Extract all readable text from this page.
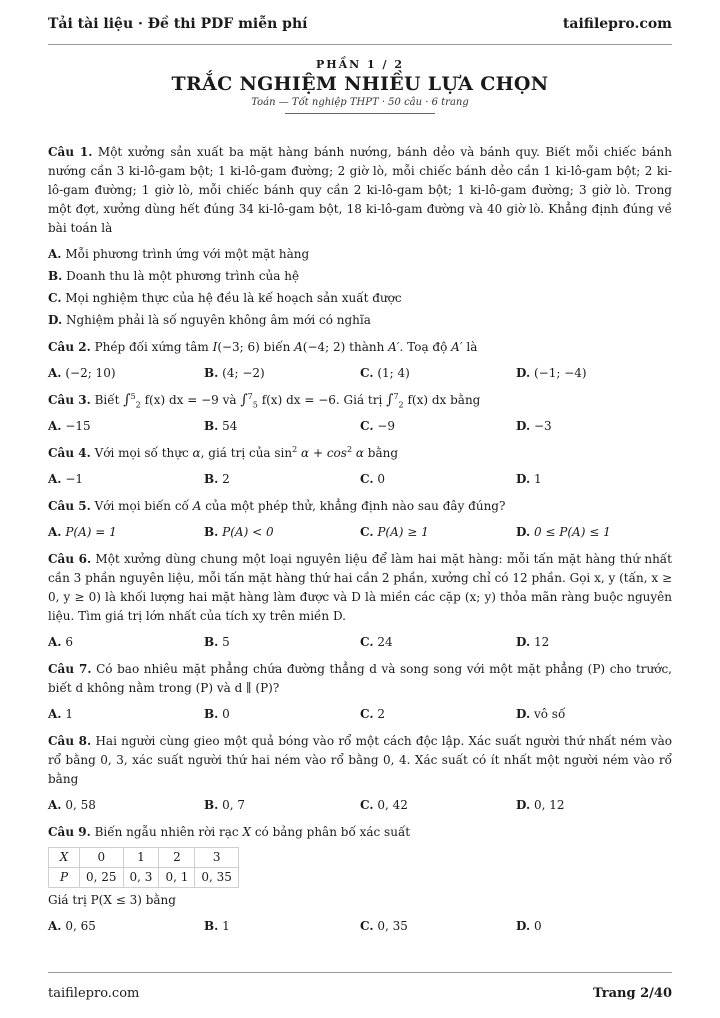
Tải tài liệu · Đề thi PDF miễn phí	taifilepro.com
PHẦN 1 / 2
TRẮC NGHIỆM NHIỀU LỰA CHỌN
Toán — Tốt nghiệp THPT · 50 câu · 6 trang
Câu 1. Một xưởng sản xuất ba mặt hàng bánh nướng, bánh dẻo và bánh quy. Biết mỗi chiếc bánh nướng cần 3 ki-lô-gam bột; 1 ki-lô-gam đường; 2 giờ lò, mỗi chiếc bánh dẻo cần 1 ki-lô-gam bột; 2 ki-lô-gam đường; 1 giờ lò, mỗi chiếc bánh quy cần 2 ki-lô-gam bột; 1 ki-lô-gam đường; 3 giờ lò. Trong một đợt, xưởng dùng hết đúng 34 ki-lô-gam bột, 18 ki-lô-gam đường và 40 giờ lò. Khẳng định đúng về bài toán là
A. Mỗi phương trình ứng với một mặt hàng
B. Doanh thu là một phương trình của hệ
C. Mọi nghiệm thực của hệ đều là kế hoạch sản xuất được
D. Nghiệm phải là số nguyên không âm mới có nghĩa
Câu 2. Phép đối xứng tâm I(−3; 6) biến A(−4; 2) thành A′. Toạ độ A′ là
A. (−2; 10)	B. (4; −2)	C. (1; 4)	D. (−1; −4)
Câu 3. Biết ∫$^5_2$ f(x) dx = −9 và ∫$^7_5$ f(x) dx = −6. Giá trị ∫$^7_2$ f(x) dx bằng
A. −15	B. 54	C. −9	D. −3
Câu 4. Với mọi số thực α, giá trị của $\sin^2 \alpha + \cos^2 \alpha$ bằng
A. −1	B. 2	C. 0	D. 1
Câu 5. Với mọi biến cố A của một phép thử, khẳng định nào sau đây đúng?
A. P(A) = 1	B. P(A) < 0	C. P(A) ≥ 1	D. 0 ≤ P(A) ≤ 1
Câu 6. Một xưởng dùng chung một loại nguyên liệu để làm hai mặt hàng: mỗi tấn mặt hàng thứ nhất cần 3 phần nguyên liệu, mỗi tấn mặt hàng thứ hai cần 2 phần, xưởng chỉ có 12 phần. Gọi x, y (tấn, x ≥ 0, y ≥ 0) là khối lượng hai mặt hàng làm được và D là miền các cặp (x; y) thỏa mãn ràng buộc nguyên liệu. Tìm giá trị lớn nhất của tích xy trên miền D.
A. 6	B. 5	C. 24	D. 12
Câu 7. Có bao nhiêu mặt phẳng chứa đường thẳng d và song song với một mặt phẳng (P) cho trước, biết d không nằm trong (P) và d ∥ (P)?
A. 1	B. 0	C. 2	D. vô số
Câu 8. Hai người cùng gieo một quả bóng vào rổ một cách độc lập. Xác suất người thứ nhất ném vào rổ bằng 0, 3, xác suất người thứ hai ném vào rổ bằng 0, 4. Xác suất có ít nhất một người ném vào rổ bằng
A. 0, 58	B. 0, 7	C. 0, 42	D. 0, 12
Câu 9. Biến ngẫu nhiên rời rạc X có bảng phân bố xác suất
X	0	1	2	3
P	0, 25	0, 3	0, 1	0, 35
Giá trị P(X ≤ 3) bằng
A. 0, 65	B. 1	C. 0, 35	D. 0
taifilepro.com	Trang 2/40
